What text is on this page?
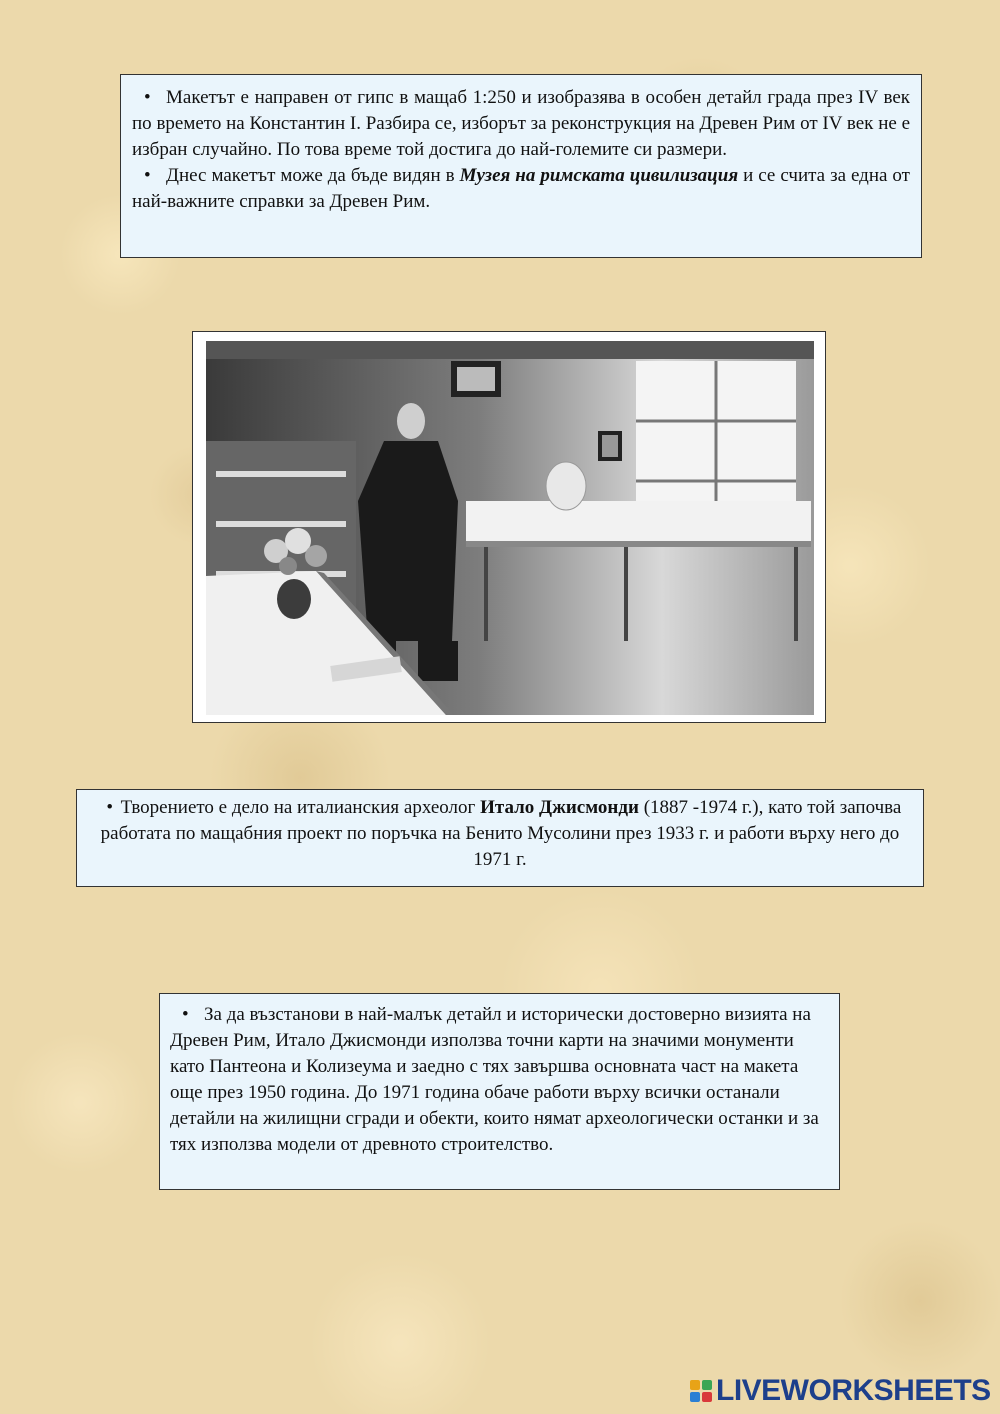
• Макетът е направен от гипс в мащаб 1:250 и изобразява в особен детайл града през IV век по времето на Константин I. Разбира се, изборът за реконструкция на Древен Рим от IV век не е избран случайно. По това време той достига до най-големите си размери.

• Днес макетът може да бъде видян в Музея на римската цивилизация и се счита за една от най-важните справки за Древен Рим.

• Творението е дело на италианския археолог Итало Джисмонди (1887 -1974 г.), като той започва работата по мащабния проект по поръчка на Бенито Мусолини през 1933 г. и работи върху него до 1971 г.

• За да възстанови в най-малък детайл и исторически достоверно визията на Древен Рим, Итало Джисмонди използва точни карти на значими монументи като Пантеона и Колизеума и заедно с тях завършва основната част на макета още през 1950 година. До 1971 година обаче работи върху всички останали детайли на жилищни сгради и обекти, които нямат археологически останки и за тях използва модели от древното строителство.

LIVEWORKSHEETS
